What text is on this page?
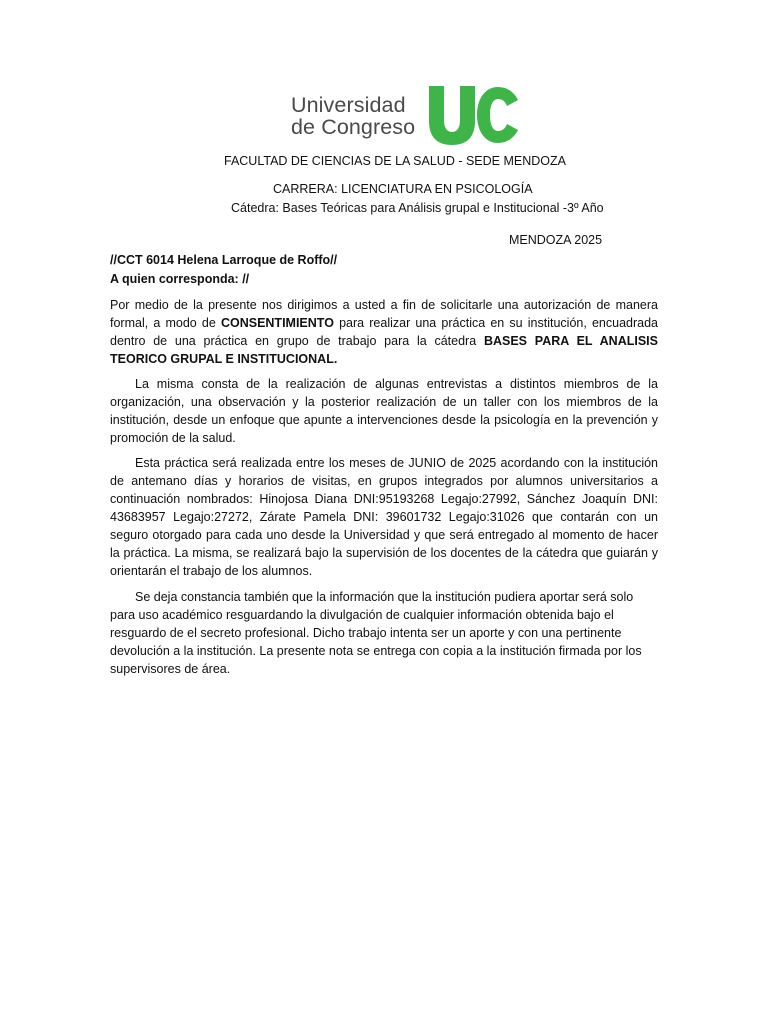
Universidad
de Congreso
FACULTAD DE CIENCIAS DE LA SALUD - SEDE MENDOZA
CARRERA: LICENCIATURA EN PSICOLOGÍA
Cátedra: Bases Teóricas para Análisis grupal e Institucional -3º Año
MENDOZA 2025
//CCT 6014 Helena Larroque de Roffo//
A quien corresponda: //

Por medio de la presente nos dirigimos a usted a fin de solicitarle una autorización de manera formal, a modo de CONSENTIMIENTO para realizar una práctica en su institución, encuadrada dentro de una práctica en grupo de trabajo para la cátedra BASES PARA EL ANALISIS TEORICO GRUPAL E INSTITUCIONAL.

La misma consta de la realización de algunas entrevistas a distintos miembros de la organización, una observación y la posterior realización de un taller con los miembros de la institución, desde un enfoque que apunte a intervenciones desde la psicología en la prevención y promoción de la salud.

Esta práctica será realizada entre los meses de JUNIO de 2025 acordando con la institución de antemano días y horarios de visitas, en grupos integrados por alumnos universitarios a continuación nombrados: Hinojosa Diana DNI:95193268 Legajo:27992, Sánchez Joaquín DNI: 43683957 Legajo:27272, Zárate Pamela DNI: 39601732 Legajo:31026 que contarán con un seguro otorgado para cada uno desde la Universidad y que será entregado al momento de hacer la práctica. La misma, se realizará bajo la supervisión de los docentes de la cátedra que guiarán y orientarán el trabajo de los alumnos.

Se deja constancia también que la información que la institución pudiera aportar será solo para uso académico resguardando la divulgación de cualquier información obtenida bajo el resguardo de el secreto profesional. Dicho trabajo intenta ser un aporte y con una pertinente devolución a la institución. La presente nota se entrega con copia a la institución firmada por los supervisores de área.
